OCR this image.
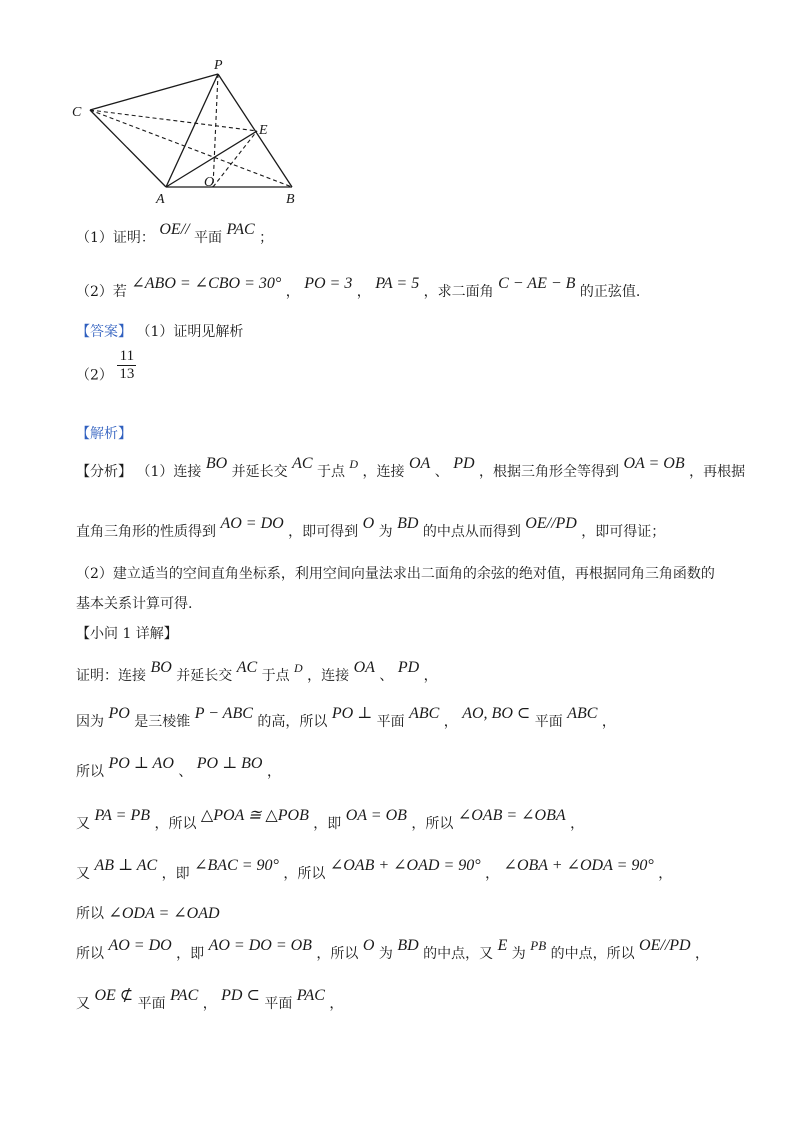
P
C
E
O
A	B
（1）证明： OE// 平面 PAC ；
（2）若 ∠ABO = ∠CBO = 30° ， PO = 3 ， PA = 5 ，求二面角 C − AE − B 的正弦值.
【答案】 （1）证明见解析
$(2) \frac{11}{13}$
【解析】
【分析】 （1）连接 BO 并延长交 AC 于点 D ，连接 OA 、 PD ，根据三角形全等得到 OA = OB ，再根据
直角三角形的性质得到 AO = DO ，即可得到 O 为 BD 的中点从而得到 OE//PD ，即可得证；
（2）建立适当的空间直角坐标系，利用空间向量法求出二面角的余弦的绝对值，再根据同角三角函数的
基本关系计算可得.
【小问 1 详解】
证明：连接 BO 并延长交 AC 于点 D ，连接 OA 、 PD ，
因为 PO 是三棱锥 P − ABC 的高，所以 PO ⊥ 平面 ABC ， AO, BO ⊂ 平面 ABC ，
所以 PO ⊥ AO 、 PO ⊥ BO ，
又 PA = PB ，所以 △POA ≅ △POB ，即 OA = OB ，所以 ∠OAB = ∠OBA ，
又 AB ⊥ AC ，即 ∠BAC = 90° ，所以 ∠OAB + ∠OAD = 90° ， ∠OBA + ∠ODA = 90° ，
所以 ∠ODA = ∠OAD
所以 AO = DO ，即 AO = DO = OB ，所以 O 为 BD 的中点，又 E 为 PB 的中点，所以 OE//PD ，
又 OE ⊄ 平面 PAC ， PD ⊂ 平面 PAC ，
